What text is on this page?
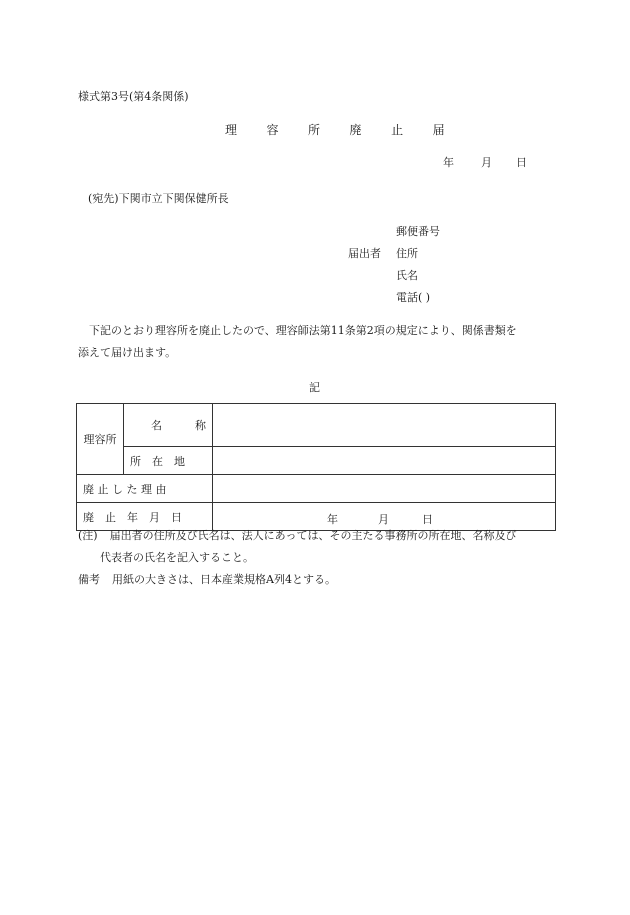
様式第3号(第4条関係)
理 容 所 廃 止 届
年 月 日
(宛先)下関市立下関保健所長
郵便番号
届出者 住所
氏名
電話( )
下記のとおり理容所を廃止したので、理容師法第11条第2項の規定により、関係書類を
添えて届け出ます。
記
理容所	名　　　称

	所　在　地	
廃 止 し た 理 由		
廃　止　年　月　日		年 月 日
(注) 届出者の住所及び氏名は、法人にあっては、その主たる事務所の所在地、名称及び
代表者の氏名を記入すること。
備考 用紙の大きさは、日本産業規格A列4とする。
